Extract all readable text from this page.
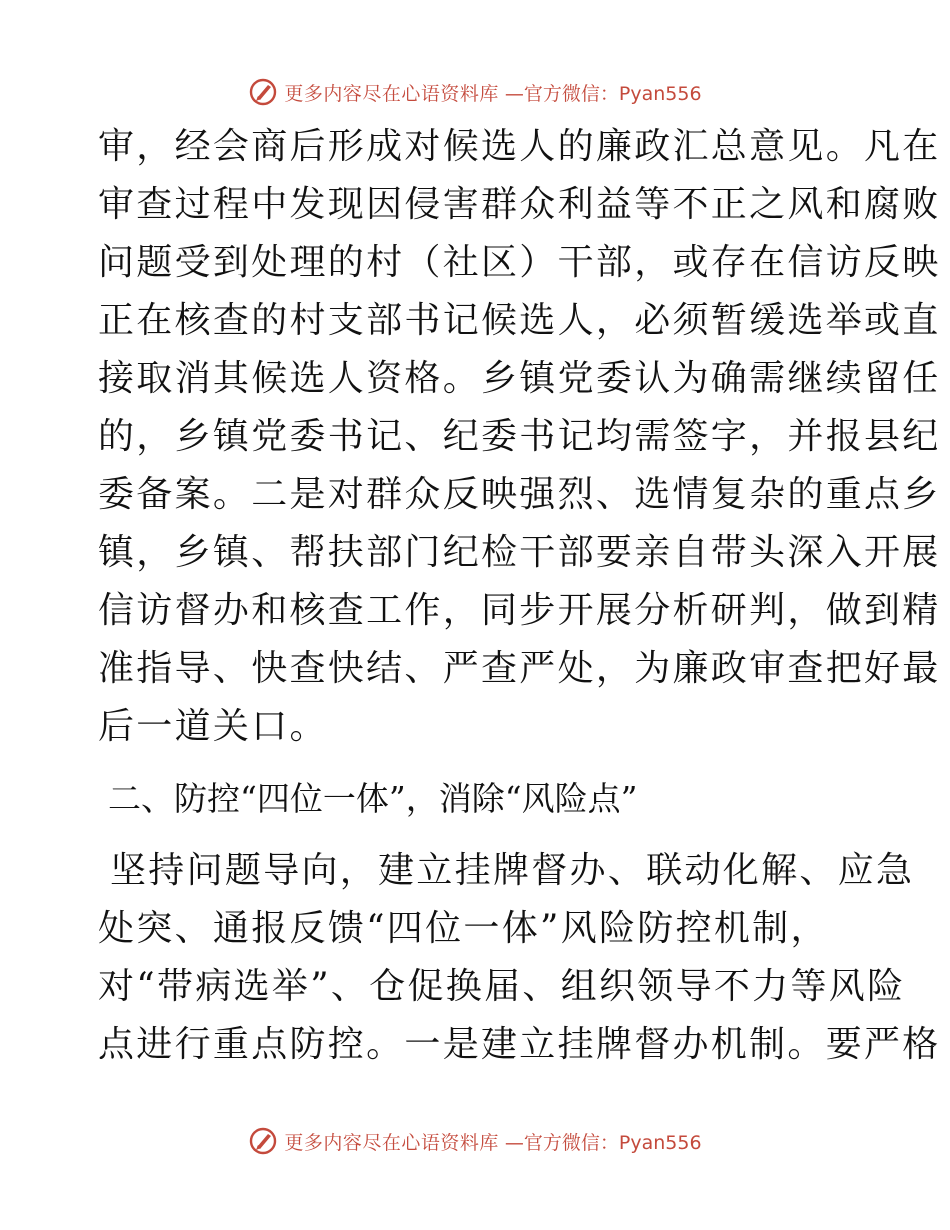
更多内容尽在心语资料库 —官方微信：Pyan556
审，经会商后形成对候选人的廉政汇总意见。凡在
审查过程中发现因侵害群众利益等不正之风和腐败
问题受到处理的村（社区）干部，或存在信访反映
正在核查的村支部书记候选人，必须暂缓选举或直
接取消其候选人资格。乡镇党委认为确需继续留任
的，乡镇党委书记、纪委书记均需签字，并报县纪
委备案。二是对群众反映强烈、选情复杂的重点乡
镇，乡镇、帮扶部门纪检干部要亲自带头深入开展
信访督办和核查工作，同步开展分析研判，做到精
准指导、快查快结、严查严处，为廉政审查把好最
后一道关口。
二、防控“四位一体”，消除“风险点”
坚持问题导向，建立挂牌督办、联动化解、应急
处突、通报反馈“四位一体”风险防控机制，
对“带病选举”、仓促换届、组织领导不力等风险
点进行重点防控。一是建立挂牌督办机制。要严格
更多内容尽在心语资料库 —官方微信：Pyan556
